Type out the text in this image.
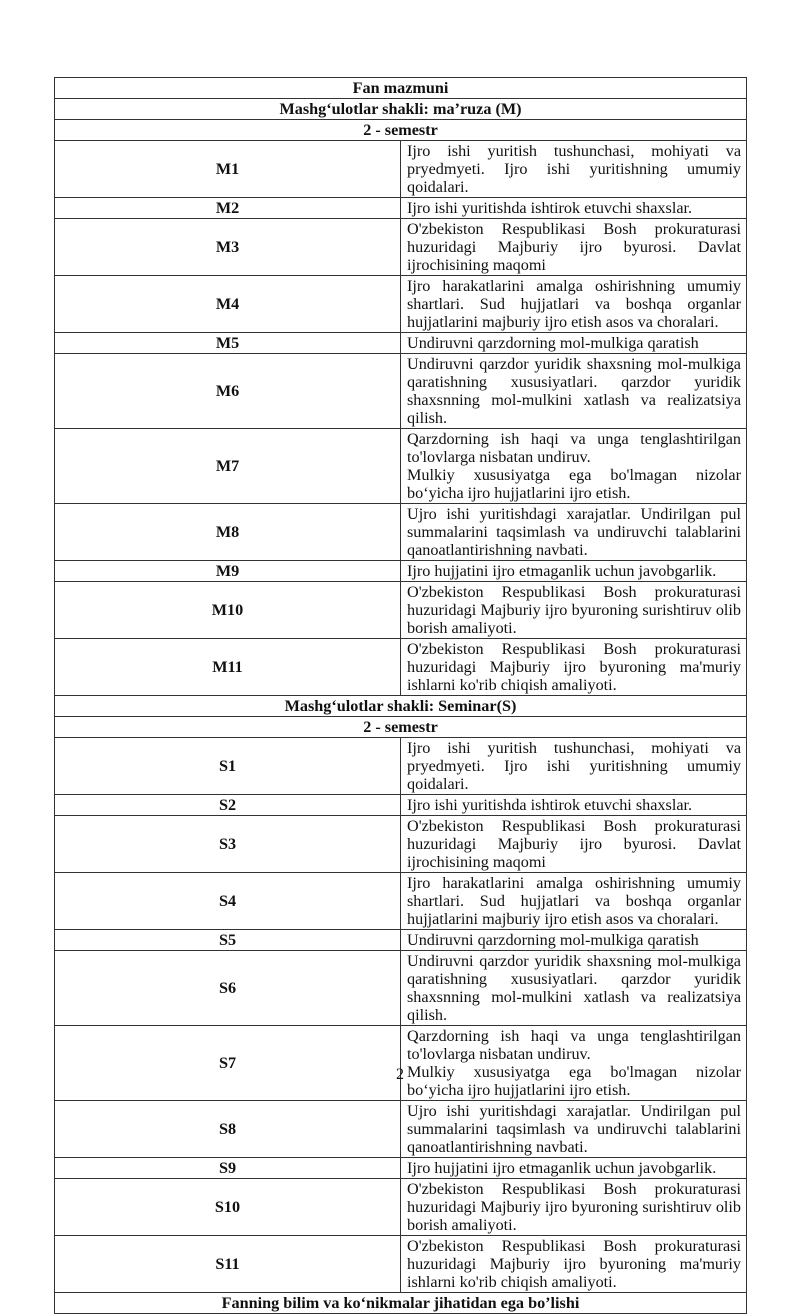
Fan mazmuni	
Mashg‘ulotlar shakli: ma’ruza (M)	
2 - semestr	
M1	Ijro ishi yuritish tushunchasi, mohiyati va pryedmyeti. Ijro ishi yuritishning umumiy qoidalari.
M2	Ijro ishi yuritishda ishtirok etuvchi shaxslar.
M3	O'zbekiston Respublikasi Bosh prokuraturasi huzuridagi Majburiy ijro byurosi. Davlat ijrochisining maqomi
M4	Ijro harakatlarini amalga oshirishning umumiy shartlari. Sud hujjatlari va boshqa organlar hujjatlarini majburiy ijro etish asos va choralari.
M5	Undiruvni qarzdorning mol-mulkiga qaratish
M6	Undiruvni qarzdor yuridik shaxsning mol-mulkiga qaratishning xususiyatlari. qarzdor yuridik shaxsnning mol-mulkini xatlash va realizatsiya qilish.
M7	Qarzdorning ish haqi va unga tenglashtirilgan to'lovlarga nisbatan undiruv.
Mulkiy xususiyatga ega bo'lmagan nizolar bo‘yicha ijro hujjatlarini ijro etish.

M8	Ujro ishi yuritishdagi xarajatlar. Undirilgan pul summalarini taqsimlash va undiruvchi talablarini qanoatlantirishning navbati.
M9	Ijro hujjatini ijro etmaganlik uchun javobgarlik.
M10	O'zbekiston Respublikasi Bosh prokuraturasi huzuridagi Majburiy ijro byuroning surishtiruv olib borish amaliyoti.
M11	O'zbekiston Respublikasi Bosh prokuraturasi huzuridagi Majburiy ijro byuroning ma'muriy ishlarni ko'rib chiqish amaliyoti.
Mashg‘ulotlar shakli: Seminar(S)	
2 - semestr	
S1	Ijro ishi yuritish tushunchasi, mohiyati va pryedmyeti. Ijro ishi yuritishning umumiy qoidalari.
S2	Ijro ishi yuritishda ishtirok etuvchi shaxslar.
S3	O'zbekiston Respublikasi Bosh prokuraturasi huzuridagi Majburiy ijro byurosi. Davlat ijrochisining maqomi
S4	Ijro harakatlarini amalga oshirishning umumiy shartlari. Sud hujjatlari va boshqa organlar hujjatlarini majburiy ijro etish asos va choralari.
S5	Undiruvni qarzdorning mol-mulkiga qaratish
S6	Undiruvni qarzdor yuridik shaxsning mol-mulkiga qaratishning xususiyatlari. qarzdor yuridik shaxsnning mol-mulkini xatlash va realizatsiya qilish.
S7	Qarzdorning ish haqi va unga tenglashtirilgan to'lovlarga nisbatan undiruv.
Mulkiy xususiyatga ega bo'lmagan nizolar bo‘yicha ijro hujjatlarini ijro etish.

S8	Ujro ishi yuritishdagi xarajatlar. Undirilgan pul summalarini taqsimlash va undiruvchi talablarini qanoatlantirishning navbati.
S9	Ijro hujjatini ijro etmaganlik uchun javobgarlik.
S10	O'zbekiston Respublikasi Bosh prokuraturasi huzuridagi Majburiy ijro byuroning surishtiruv olib borish amaliyoti.
S11	O'zbekiston Respublikasi Bosh prokuraturasi huzuridagi Majburiy ijro byuroning ma'muriy ishlarni ko'rib chiqish amaliyoti.
Fanning bilim va ko‘nikmalar jihatidan ega bo’lishi	
2
